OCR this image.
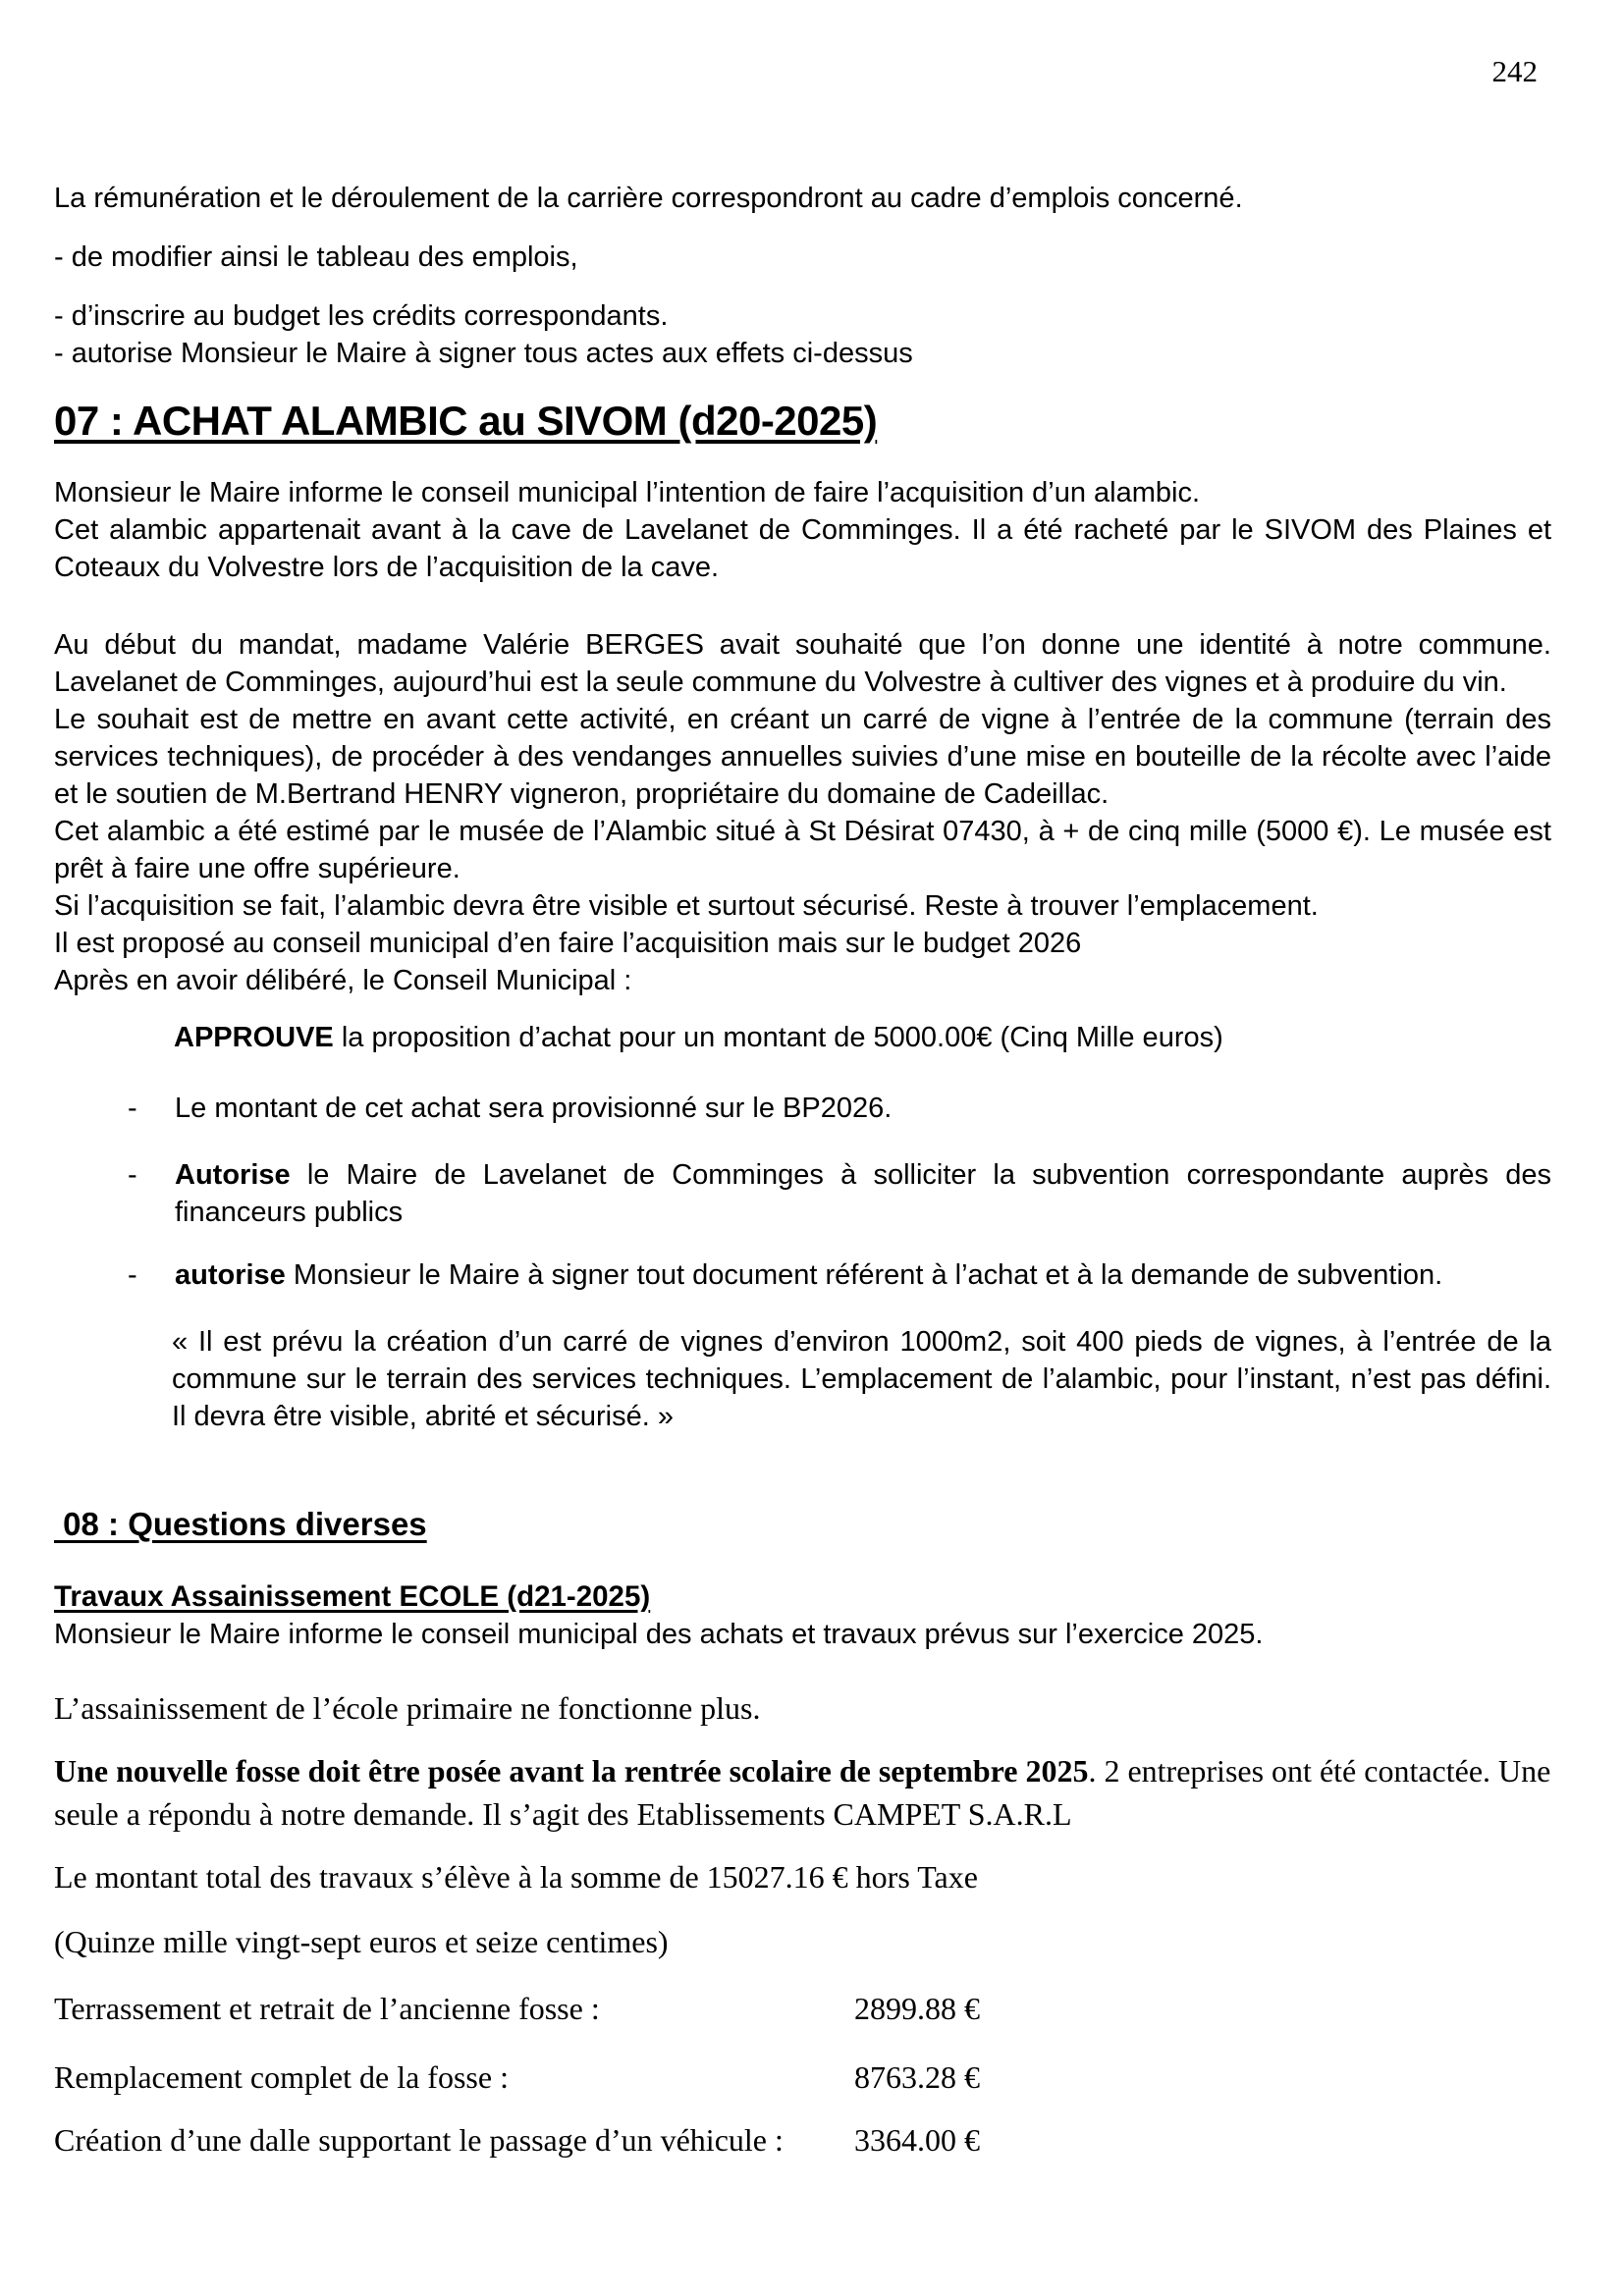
242

La rémunération et le déroulement de la carrière correspondront au cadre d’emplois concerné.

- de modifier ainsi le tableau des emplois,

- d’inscrire au budget les crédits correspondants.

- autorise Monsieur le Maire à signer tous actes aux effets ci-dessus

07 : ACHAT ALAMBIC au SIVOM (d20-2025)

Monsieur le Maire informe le conseil municipal l’intention de faire l’acquisition d’un alambic.

Cet alambic appartenait avant à la cave de Lavelanet de Comminges. Il a été racheté par le SIVOM des Plaines et Coteaux du Volvestre lors de l’acquisition de la cave.

Au début du mandat, madame Valérie BERGES avait souhaité que l’on donne une identité à notre commune. Lavelanet de Comminges, aujourd’hui est la seule commune du Volvestre à cultiver des vignes et à produire du vin.

Le souhait est de mettre en avant cette activité, en créant un carré de vigne à l’entrée de la commune (terrain des services techniques), de procéder à des vendanges annuelles suivies d’une mise en bouteille de la récolte avec l’aide et le soutien de M.Bertrand HENRY vigneron, propriétaire du domaine de Cadeillac.

Cet alambic a été estimé par le musée de l’Alambic situé à St Désirat 07430, à + de cinq mille (5000 €). Le musée est prêt à faire une offre supérieure.

Si l’acquisition se fait, l’alambic devra être visible et surtout sécurisé. Reste à trouver l’emplacement.

Il est proposé au conseil municipal d’en faire l’acquisition mais sur le budget 2026

Après en avoir délibéré, le Conseil Municipal :

APPROUVE la proposition d’achat pour un montant de 5000.00€ (Cinq Mille euros)

-	Le montant de cet achat sera provisionné sur le BP2026.
-	Autorise le Maire de Lavelanet de Comminges à solliciter la subvention correspondante auprès des financeurs publics
-	autorise Monsieur le Maire à signer tout document référent à l’achat et à la demande de subvention.

« Il est prévu la création d’un carré de vignes d’environ 1000m2, soit 400 pieds de vignes, à l’entrée de la commune sur le terrain des services techniques. L’emplacement de l’alambic, pour l’instant, n’est pas défini. Il devra être visible, abrité et sécurisé. »

08 : Questions diverses
Travaux Assainissement ECOLE (d21-2025)

Monsieur le Maire informe le conseil municipal des achats et travaux prévus sur l’exercice 2025.

L’assainissement de l’école primaire ne fonctionne plus.

Une nouvelle fosse doit être posée avant la rentrée scolaire de septembre 2025. 2 entreprises ont été contactée. Une seule a répondu à notre demande. Il s’agit des Etablissements CAMPET S.A.R.L

Le montant total des travaux s’élève à la somme de 15027.16 € hors Taxe

(Quinze mille vingt-sept euros et seize centimes)

Terrassement et retrait de l’ancienne fosse :	2899.88 €
Remplacement complet de la fosse :	8763.28 €
Création d’une dalle supportant le passage d’un véhicule : 3364.00 €
